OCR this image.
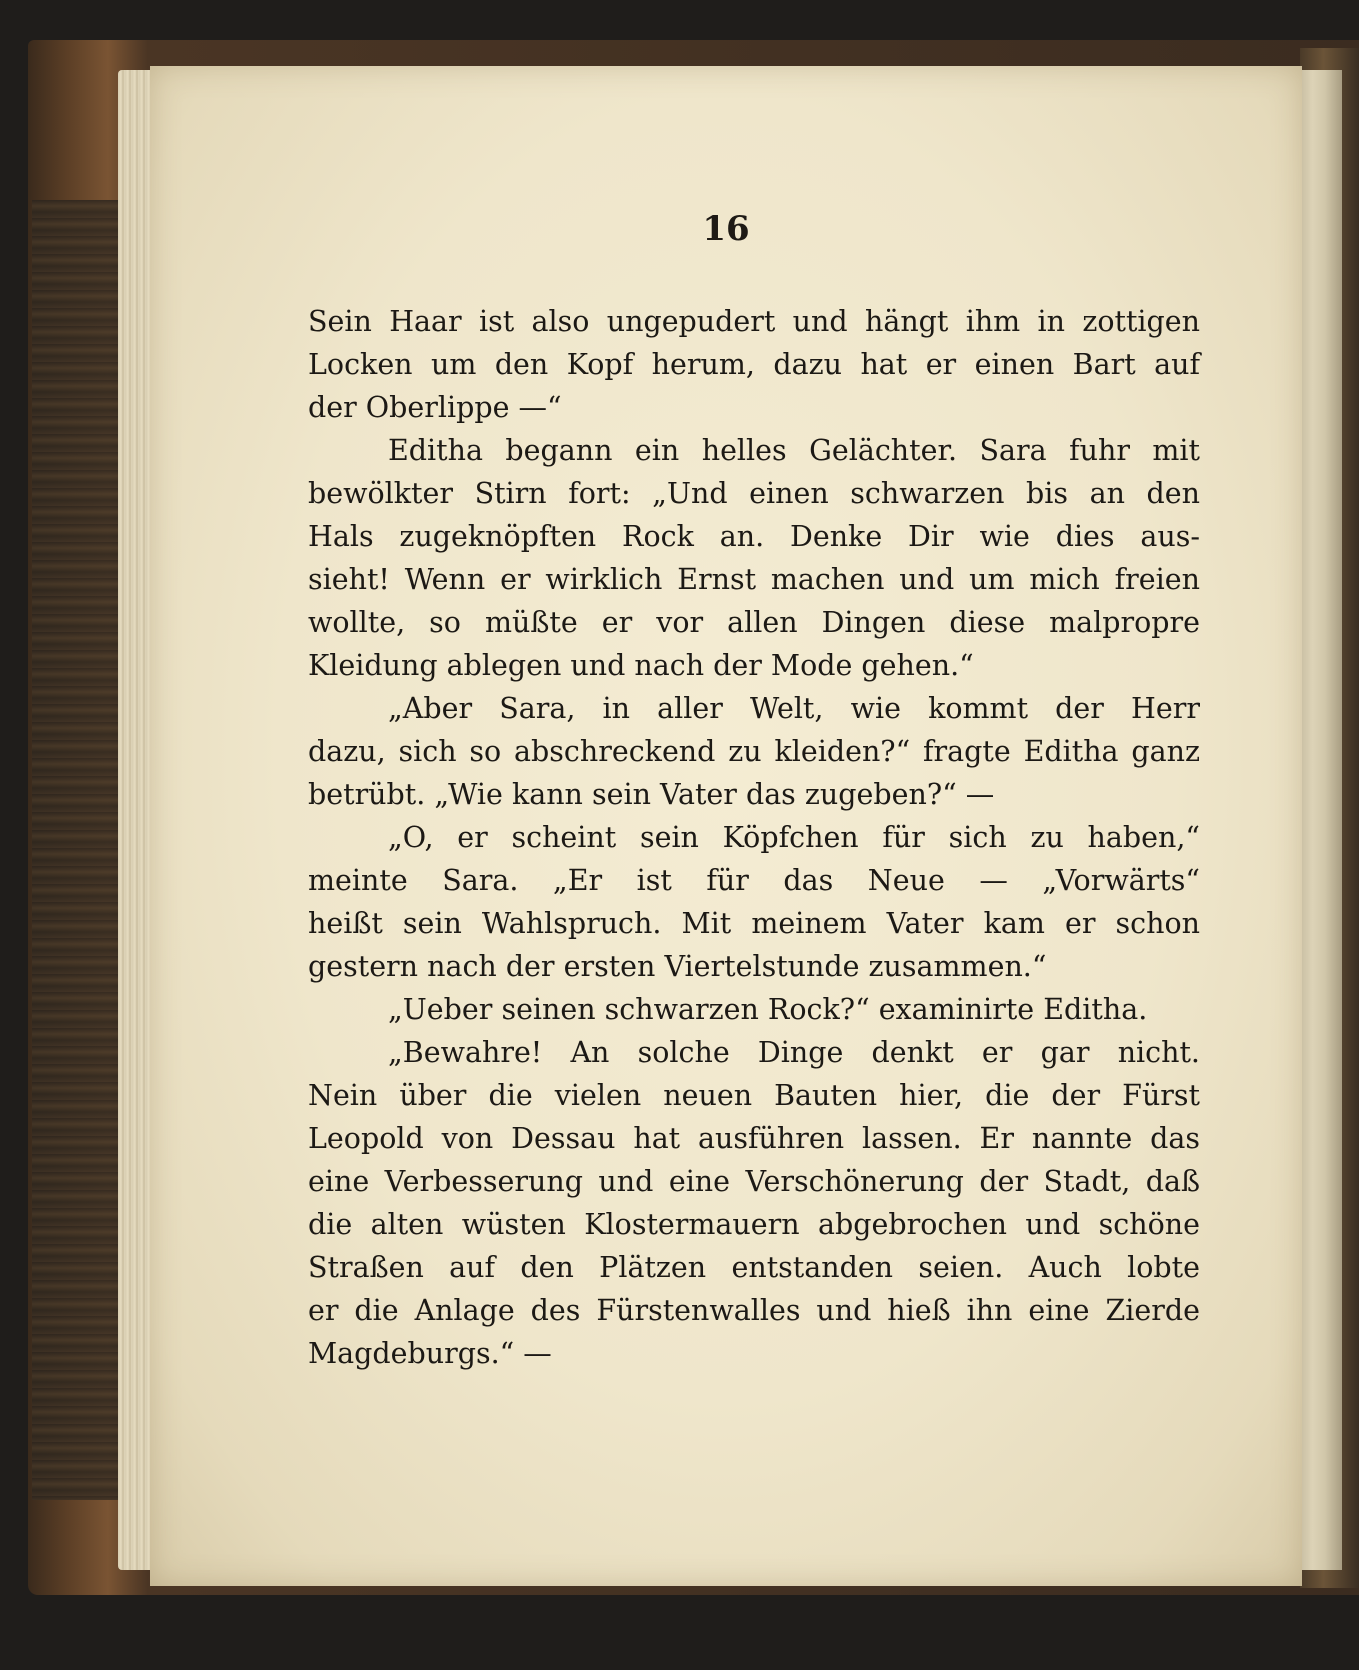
16
Sein Haar ist also ungepudert und hängt ihm in zottigen
Locken um den Kopf herum, dazu hat er einen Bart auf
der Oberlippe —“
Editha begann ein helles Gelächter. Sara fuhr mit
bewölkter Stirn fort: „Und einen schwarzen bis an den
Hals zugeknöpften Rock an. Denke Dir wie dies aus-
sieht! Wenn er wirklich Ernst machen und um mich freien
wollte, so müßte er vor allen Dingen diese malpropre
Kleidung ablegen und nach der Mode gehen.“
„Aber Sara, in aller Welt, wie kommt der Herr
dazu, sich so abschreckend zu kleiden?“ fragte Editha ganz
betrübt. „Wie kann sein Vater das zugeben?“ —
„O, er scheint sein Köpfchen für sich zu haben,“
meinte Sara. „Er ist für das Neue — „Vorwärts“
heißt sein Wahlspruch. Mit meinem Vater kam er schon
gestern nach der ersten Viertelstunde zusammen.“
„Ueber seinen schwarzen Rock?“ examinirte Editha.
„Bewahre! An solche Dinge denkt er gar nicht.
Nein über die vielen neuen Bauten hier, die der Fürst
Leopold von Dessau hat ausführen lassen. Er nannte das
eine Verbesserung und eine Verschönerung der Stadt, daß
die alten wüsten Klostermauern abgebrochen und schöne
Straßen auf den Plätzen entstanden seien. Auch lobte
er die Anlage des Fürstenwalles und hieß ihn eine Zierde
Magdeburgs.“ —
